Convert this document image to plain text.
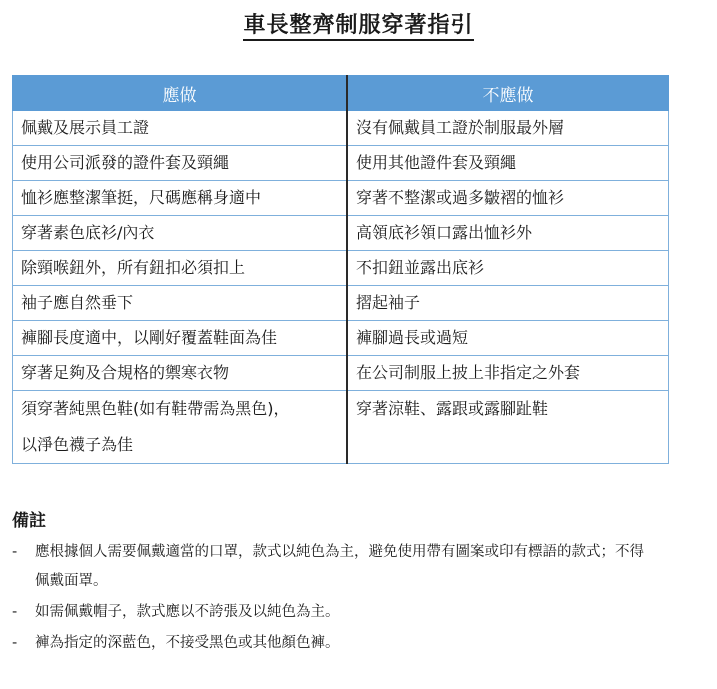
車長整齊制服穿著指引
應做	不應做
佩戴及展示員工證	沒有佩戴員工證於制服最外層
使用公司派發的證件套及頸繩	使用其他證件套及頸繩
恤衫應整潔筆挺，尺碼應稱身適中	穿著不整潔或過多皺褶的恤衫
穿著素色底衫/內衣	高領底衫領口露出恤衫外
除頸喉鈕外，所有鈕扣必須扣上	不扣鈕並露出底衫
袖子應自然垂下	摺起袖子
褲腳長度適中，以剛好覆蓋鞋面為佳	褲腳過長或過短
穿著足夠及合規格的禦寒衣物	在公司制服上披上非指定之外套

須穿著純黑色鞋(如有鞋帶需為黑色)，
以淨色襪子為佳	穿著涼鞋、露跟或露腳趾鞋
備註
- 應根據個人需要佩戴適當的口罩，款式以純色為主，避免使用帶有圖案或印有標語的款式；不得
佩戴面罩。
- 如需佩戴帽子，款式應以不誇張及以純色為主。
- 褲為指定的深藍色，不接受黑色或其他顏色褲。
